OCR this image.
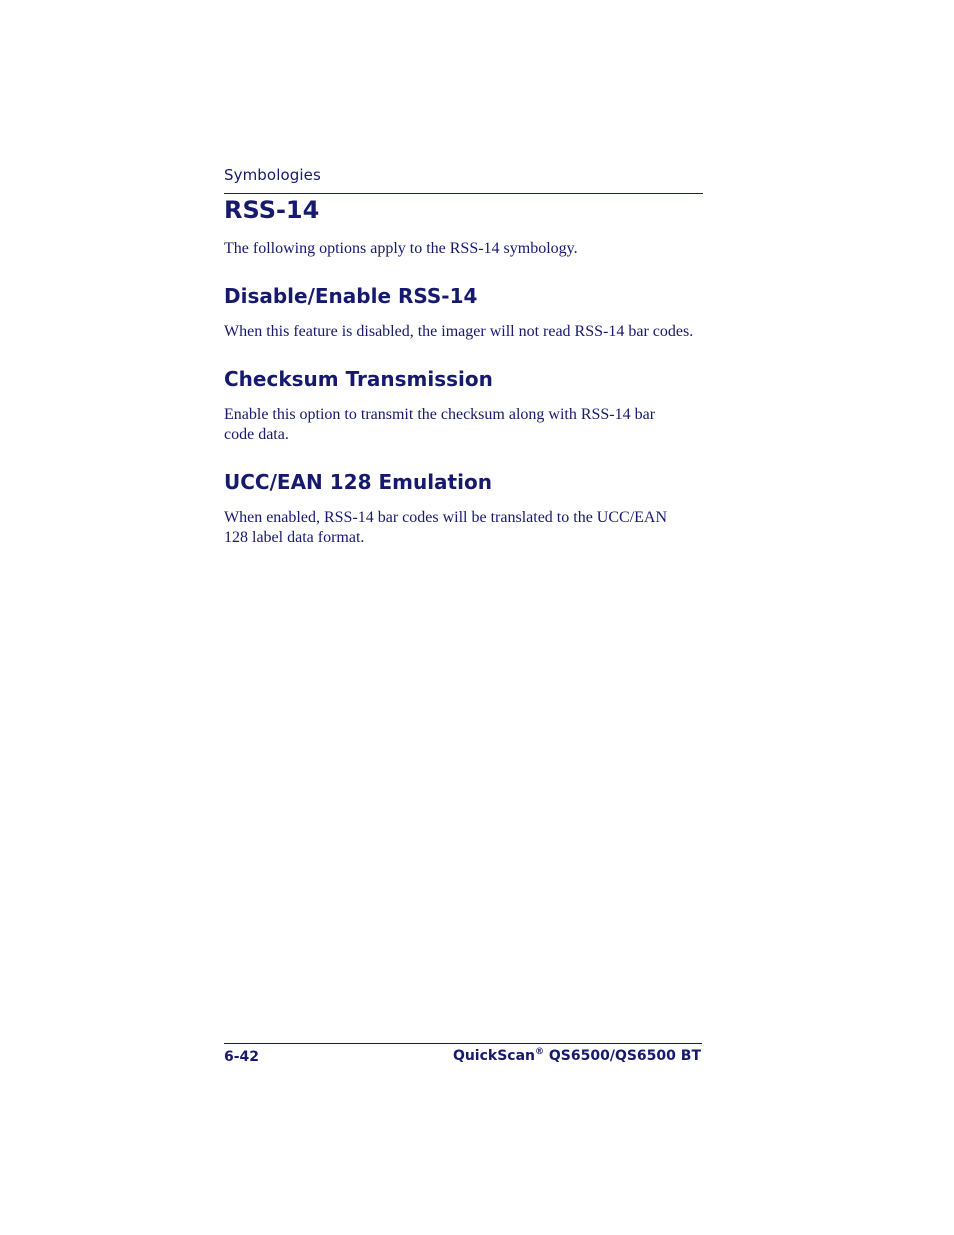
Symbologies
RSS-14

The following options apply to the RSS-14 symbology.

Disable/Enable RSS-14

When this feature is disabled, the imager will not read RSS-14 bar codes.

Checksum Transmission

Enable this option to transmit the checksum along with RSS-14 bar code data.

UCC/EAN 128 Emulation

When enabled, RSS-14 bar codes will be translated to the UCC/EAN 128 label data format.

6-42	QuickScan® QS6500/QS6500 BT
